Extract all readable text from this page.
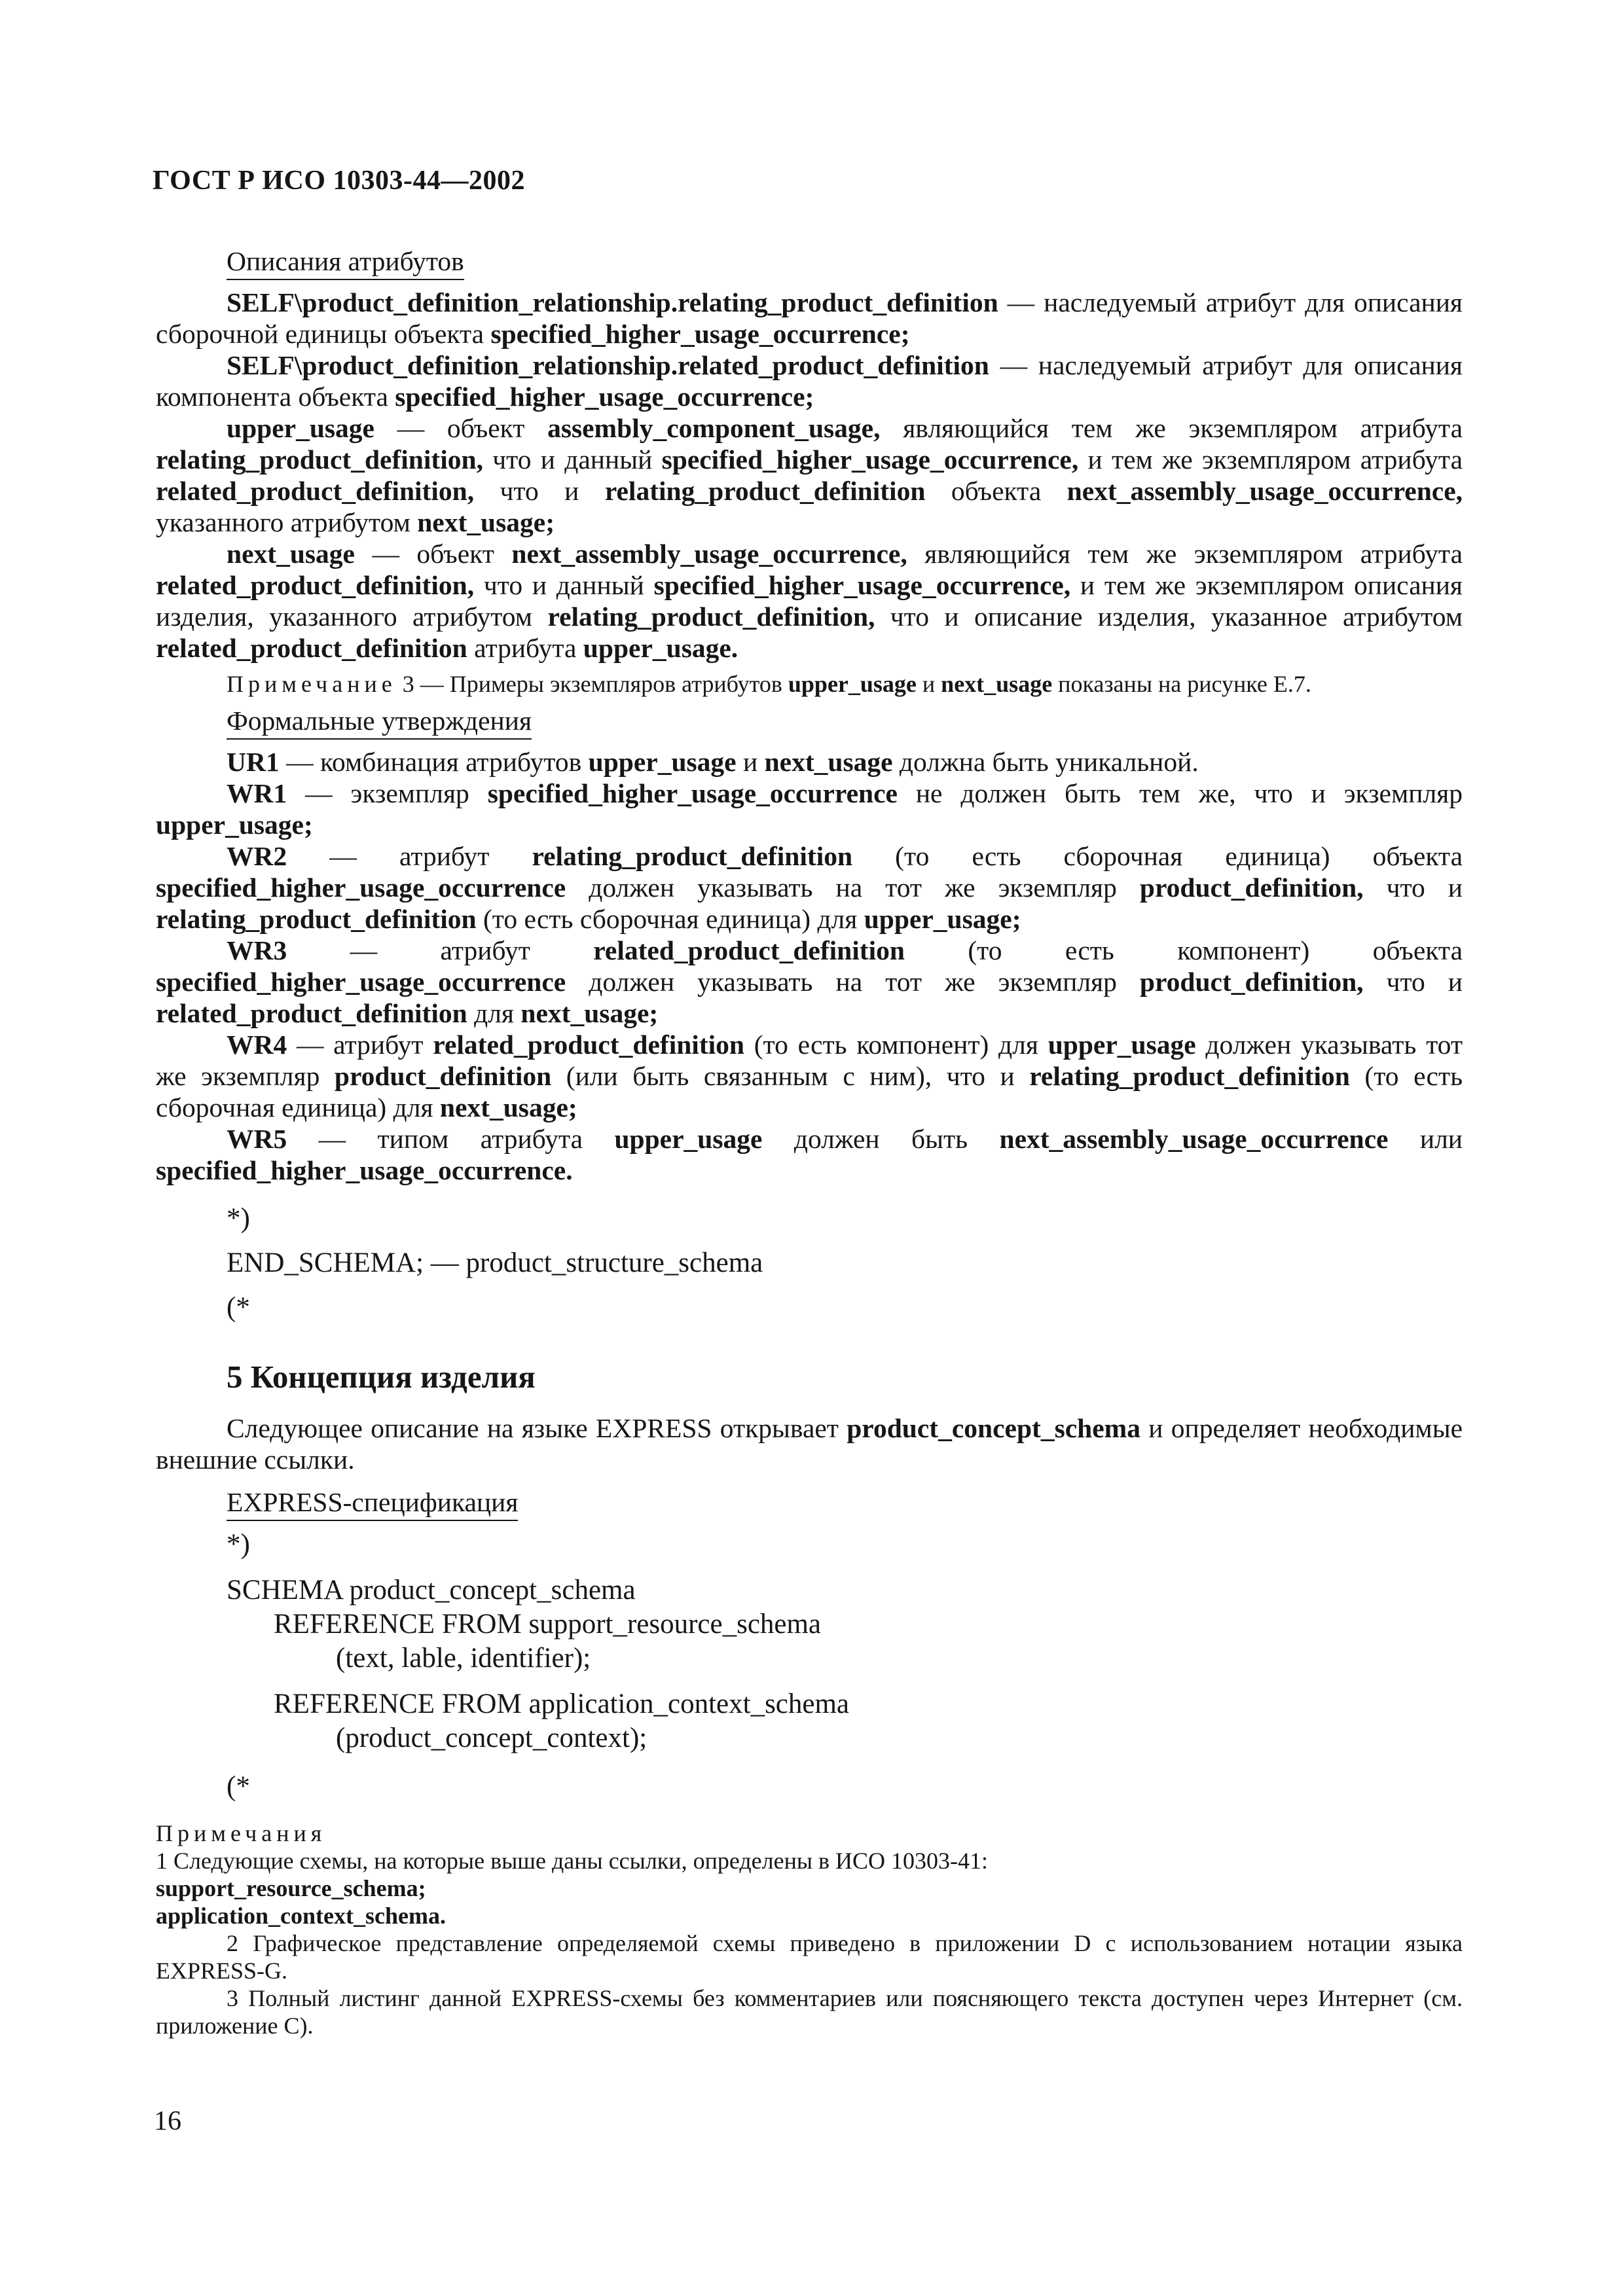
ГОСТ Р ИСО 10303-44—2002
Описания атрибутов

SELF\product_definition_relationship.relating_product_definition — наследуемый атрибут для описания сборочной единицы объекта specified_higher_usage_occurrence;

SELF\product_definition_relationship.related_product_definition — наследуемый атрибут для описания компонента объекта specified_higher_usage_occurrence;

upper_usage — объект assembly_component_usage, являющийся тем же экземпляром атрибута relating_product_definition, что и данный specified_higher_usage_occurrence, и тем же экземпляром атрибута related_product_definition, что и relating_product_definition объекта next_assembly_usage_occurrence, указанного атрибутом next_usage;

next_usage — объект next_assembly_usage_occurrence, являющийся тем же экземпляром атрибута related_product_definition, что и данный specified_higher_usage_occurrence, и тем же экземпляром описания изделия, указанного атрибутом relating_product_definition, что и описание изделия, указанное атрибутом related_product_definition атрибута upper_usage.

Примечание 3 — Примеры экземпляров атрибутов upper_usage и next_usage показаны на рисунке Е.7.

Формальные утверждения

UR1 — комбинация атрибутов upper_usage и next_usage должна быть уникальной.

WR1 — экземпляр specified_higher_usage_occurrence не должен быть тем же, что и экземпляр upper_usage;

WR2 — атрибут relating_product_definition (то есть сборочная единица) объекта specified_higher_usage_occurrence должен указывать на тот же экземпляр product_definition, что и relating_product_definition (то есть сборочная единица) для upper_usage;

WR3 — атрибут related_product_definition (то есть компонент) объекта specified_higher_usage_occurrence должен указывать на тот же экземпляр product_definition, что и related_product_definition для next_usage;

WR4 — атрибут related_product_definition (то есть компонент) для upper_usage должен указывать тот же экземпляр product_definition (или быть связанным с ним), что и relating_product_definition (то есть сборочная единица) для next_usage;

WR5 — типом атрибута upper_usage должен быть next_assembly_usage_occurrence или specified_higher_usage_occurrence.

*)
END_SCHEMA; — product_structure_schema
(*
5 Концепция изделия

Следующее описание на языке EXPRESS открывает product_concept_schema и определяет необходимые внешние ссылки.

EXPRESS-спецификация
*)
SCHEMA product_concept_schema
REFERENCE FROM support_resource_schema
(text, lable, identifier);
REFERENCE FROM application_context_schema
(product_concept_context);
(*

Примечания

1 Следующие схемы, на которые выше даны ссылки, определены в ИСО 10303-41:

support_resource_schema;

application_context_schema.

2 Графическое представление определяемой схемы приведено в приложении D с использованием нотации языка EXPRESS-G.

3 Полный листинг данной EXPRESS-схемы без комментариев или поясняющего текста доступен через Интернет (см. приложение С).

16
